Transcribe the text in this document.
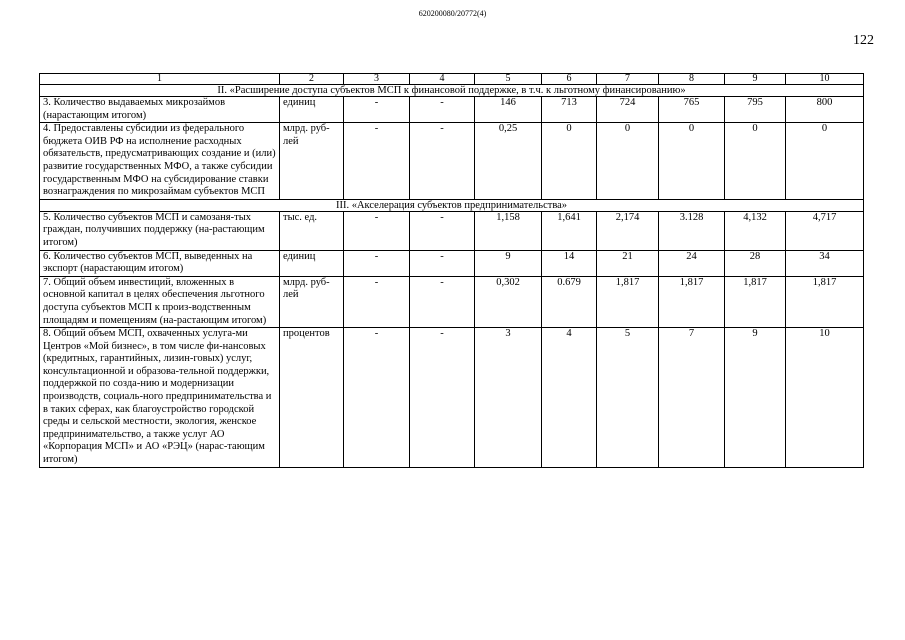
620200080/20772(4)
122
1	2	3	4	5	6	7	8	9	10
II. «Расширение доступа субъектов МСП к финансовой поддержке, в т.ч. к льготному финансированию»									
3. Количество выдаваемых микрозаймов (нарастающим итогом)	единиц	-	-	146	713	724	765	795	800
4. Предоставлены субсидии из федерального бюджета ОИВ РФ на исполнение расходных обязательств, предусматривающих создание и (или) развитие государственных МФО, а также субсидии государственным МФО на субсидирование ставки вознаграждения по микрозаймам субъектов МСП	млрд. руб-лей	-	-	0,25	0	0	0	0	0
III. «Акселерация субъектов предпринимательства»									
5. Количество субъектов МСП и самозаня-тых граждан, получивших поддержку (на-растающим итогом)	тыс. ед.	-	-	1,158	1,641	2,174	3.128	4,132	4,717
6. Количество субъектов МСП, выведенных на экспорт (нарастающим итогом)	единиц	-	-	9	14	21	24	28	34
7. Общий объем инвестиций, вложенных в основной капитал в целях обеспечения льготного доступа субъектов МСП к произ-водственным площадям и помещениям (на-растающим итогом)	млрд. руб-лей	-	-	0,302	0.679	1,817	1,817	1,817	1,817
8. Общий объем МСП, охваченных услуга-ми Центров «Мой бизнес», в том числе фи-нансовых (кредитных, гарантийных, лизин-говых) услуг, консультационной и образова-тельной поддержки, поддержкой по созда-нию и модернизации производств, социаль-ного предпринимательства и в таких сферах, как благоустройство городской среды и сельской местности, экология, женское предпринимательство, а также услуг АО «Корпорация МСП» и АО «РЭЦ» (нарас-тающим итогом)	процентов	-	-	3	4	5	7	9	10
